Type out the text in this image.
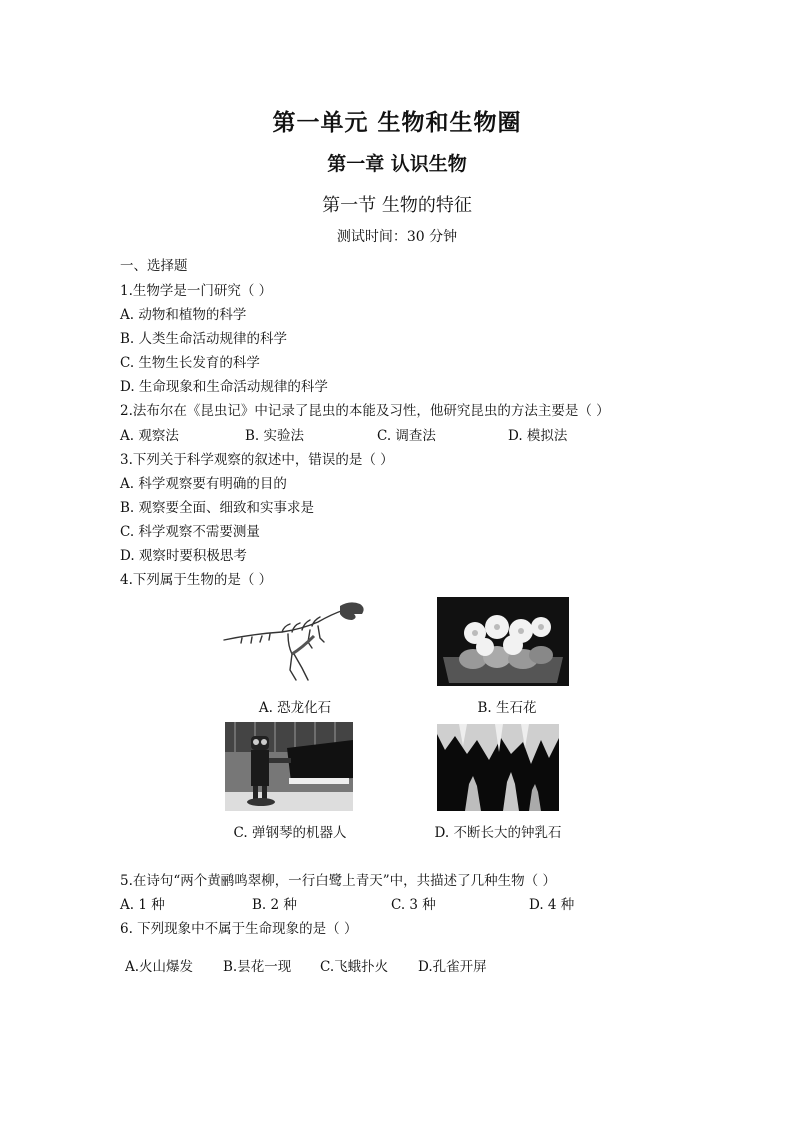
第一单元 生物和生物圈
第一章 认识生物
第一节 生物的特征
测试时间：30 分钟
一、选择题
1.生物学是一门研究（ ）
A. 动物和植物的科学
B. 人类生命活动规律的科学
C. 生物生长发育的科学
D. 生命现象和生命活动规律的科学
2.法布尔在《昆虫记》中记录了昆虫的本能及习性，他研究昆虫的方法主要是（ ）
A. 观察法	B. 实验法	C. 调查法	D. 模拟法
3.下列关于科学观察的叙述中，错误的是（ ）
A. 科学观察要有明确的目的
B. 观察要全面、细致和实事求是
C. 科学观察不需要测量
D. 观察时要积极思考
4.下列属于生物的是（ ）
A. 恐龙化石	B. 生石花
C. 弹钢琴的机器人	D. 不断长大的钟乳石
5.在诗句“两个黄鹂鸣翠柳，一行白鹭上青天”中，共描述了几种生物（ ）
A. 1 种	B. 2 种	C. 3 种	D. 4 种
6. 下列现象中不属于生命现象的是（ ）
A.火山爆发 B.昙花一现 C.飞蛾扑火 D.孔雀开屏
